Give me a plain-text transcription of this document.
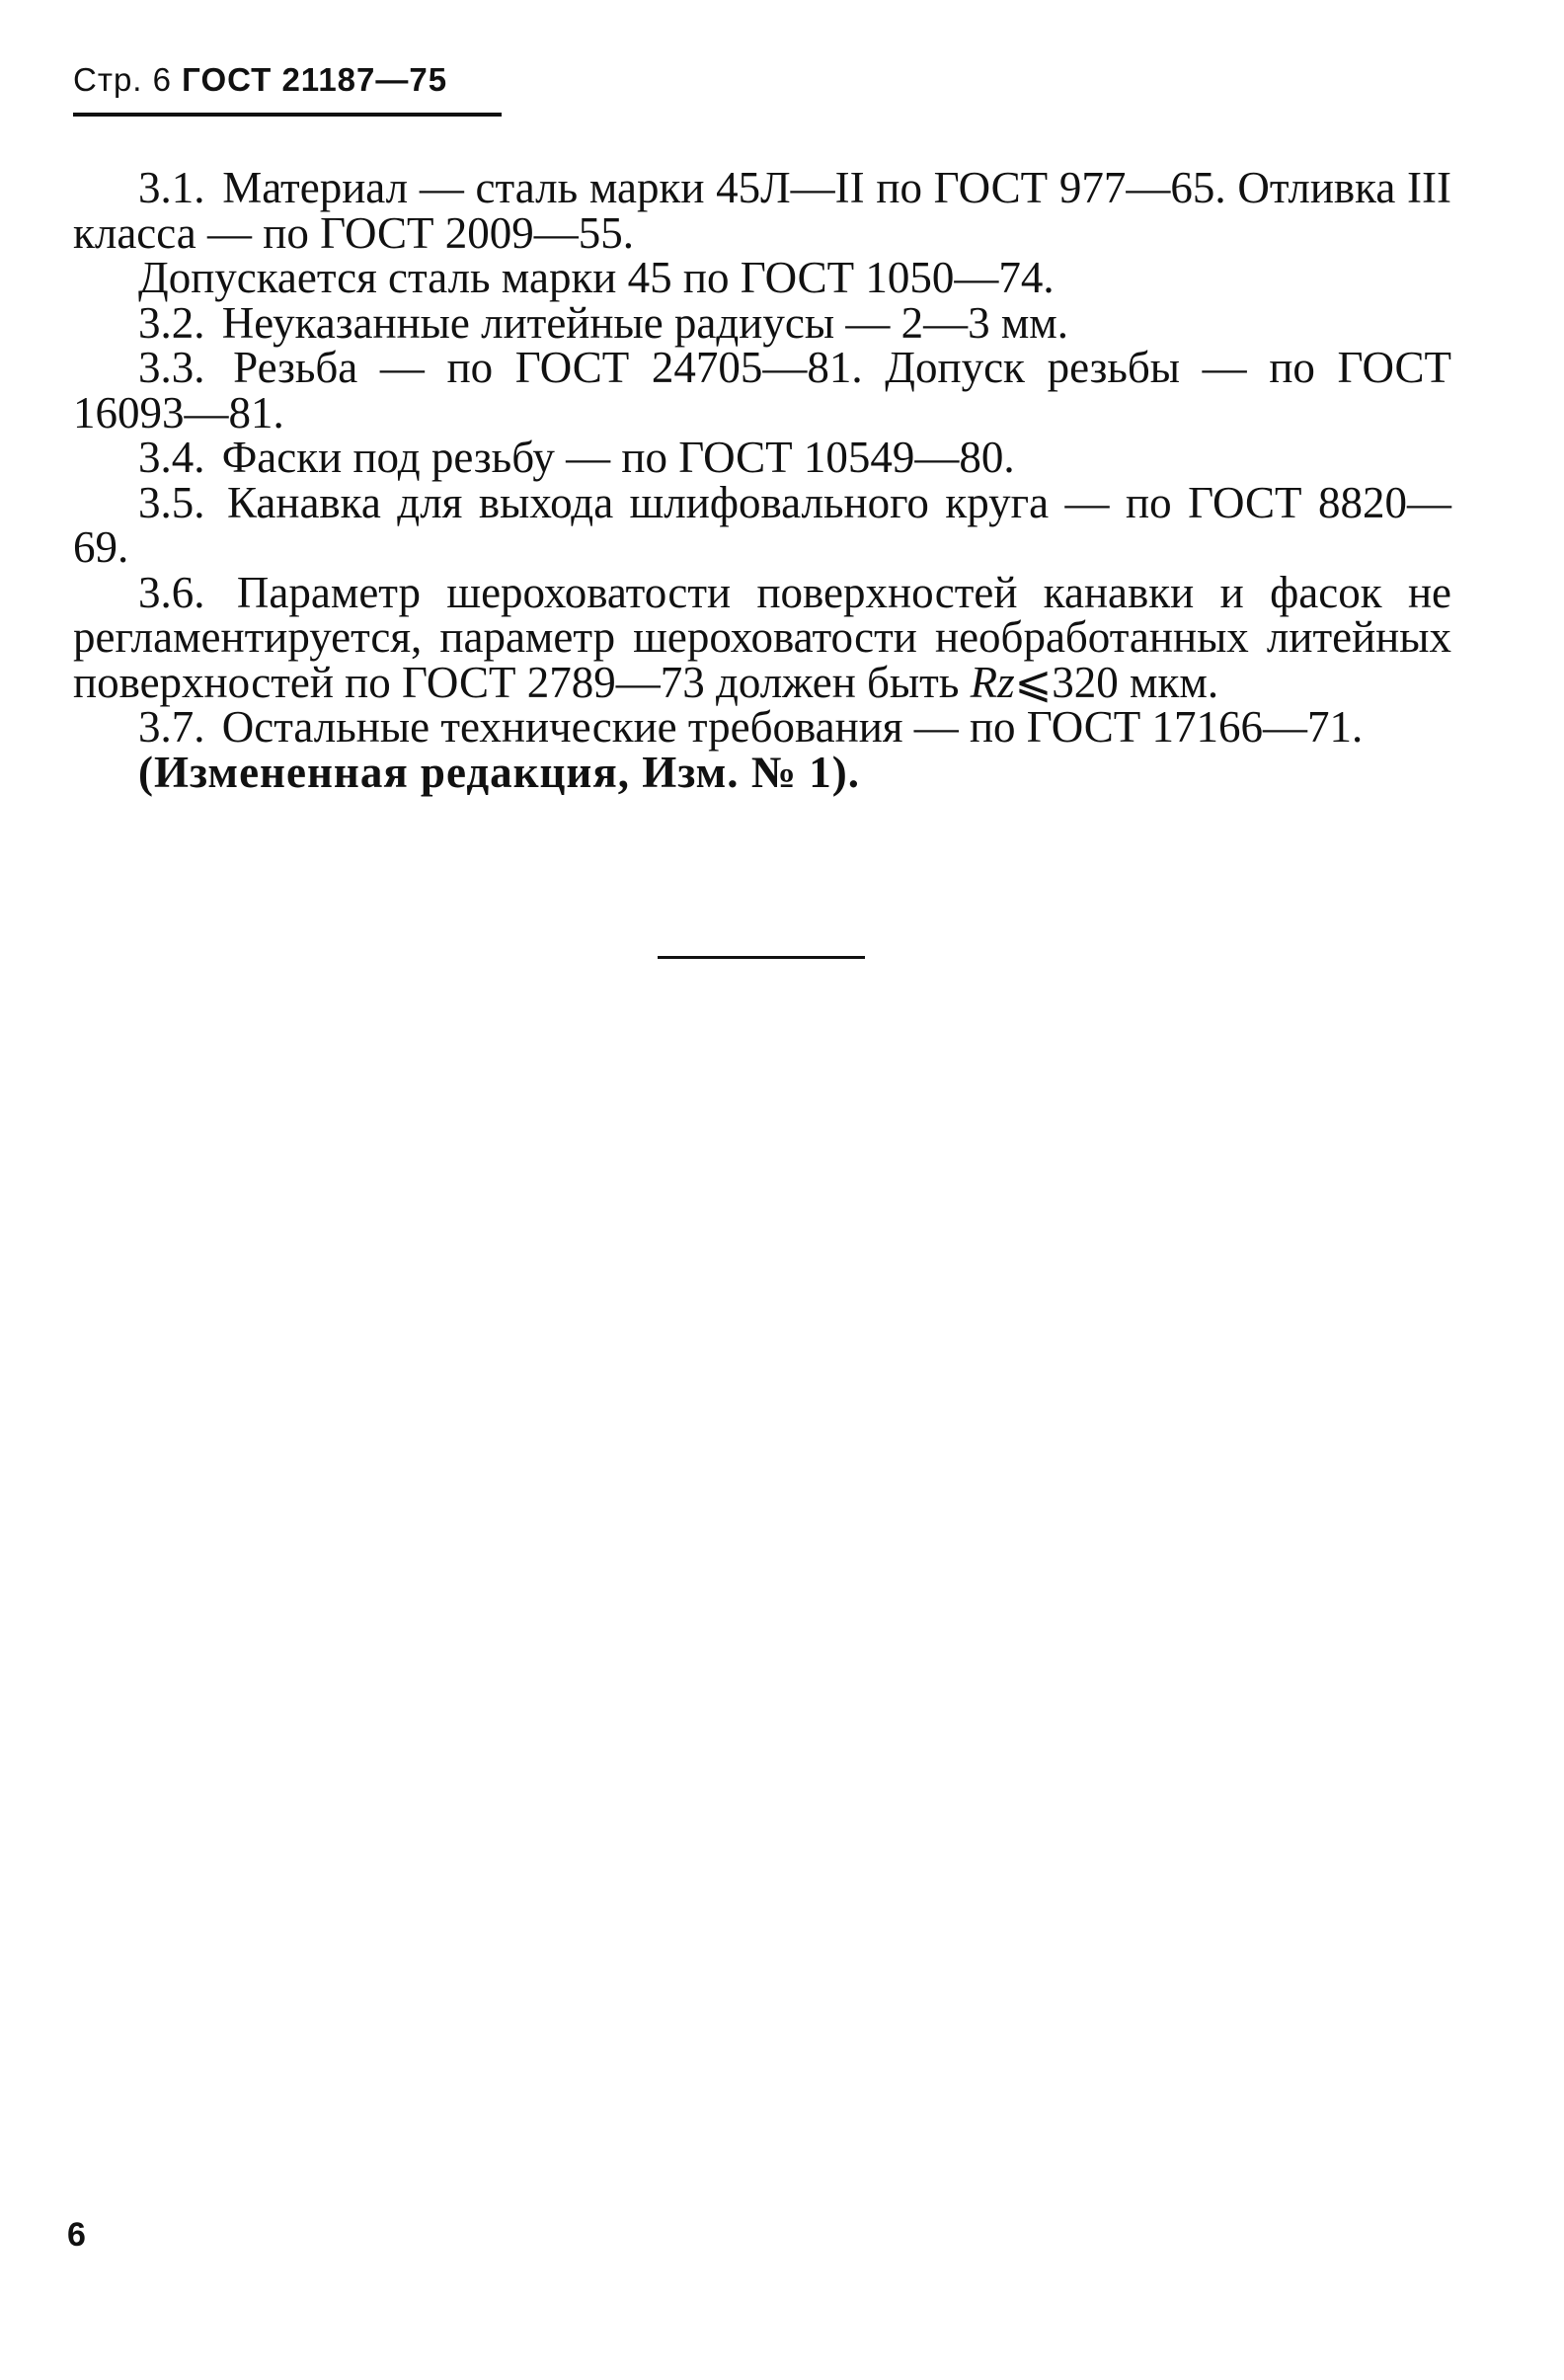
Стр. 6 ГОСТ 21187—75

3.1. Материал — сталь марки 45Л—II по ГОСТ 977—65. Отливка III класса — по ГОСТ 2009—55.

Допускается сталь марки 45 по ГОСТ 1050—74.

3.2. Неуказанные литейные радиусы — 2—3 мм.

3.3. Резьба — по ГОСТ 24705—81. Допуск резьбы — по ГОСТ 16093—81.

3.4. Фаски под резьбу — по ГОСТ 10549—80.

3.5. Канавка для выхода шлифовального круга — по ГОСТ 8820—69.

3.6. Параметр шероховатости поверхностей канавки и фасок не регламентируется, параметр шероховатости необработанных литейных поверхностей по ГОСТ 2789—73 должен быть Rz⩽320 мкм.

3.7. Остальные технические требования — по ГОСТ 17166—71.

(Измененная редакция, Изм. № 1).

6
